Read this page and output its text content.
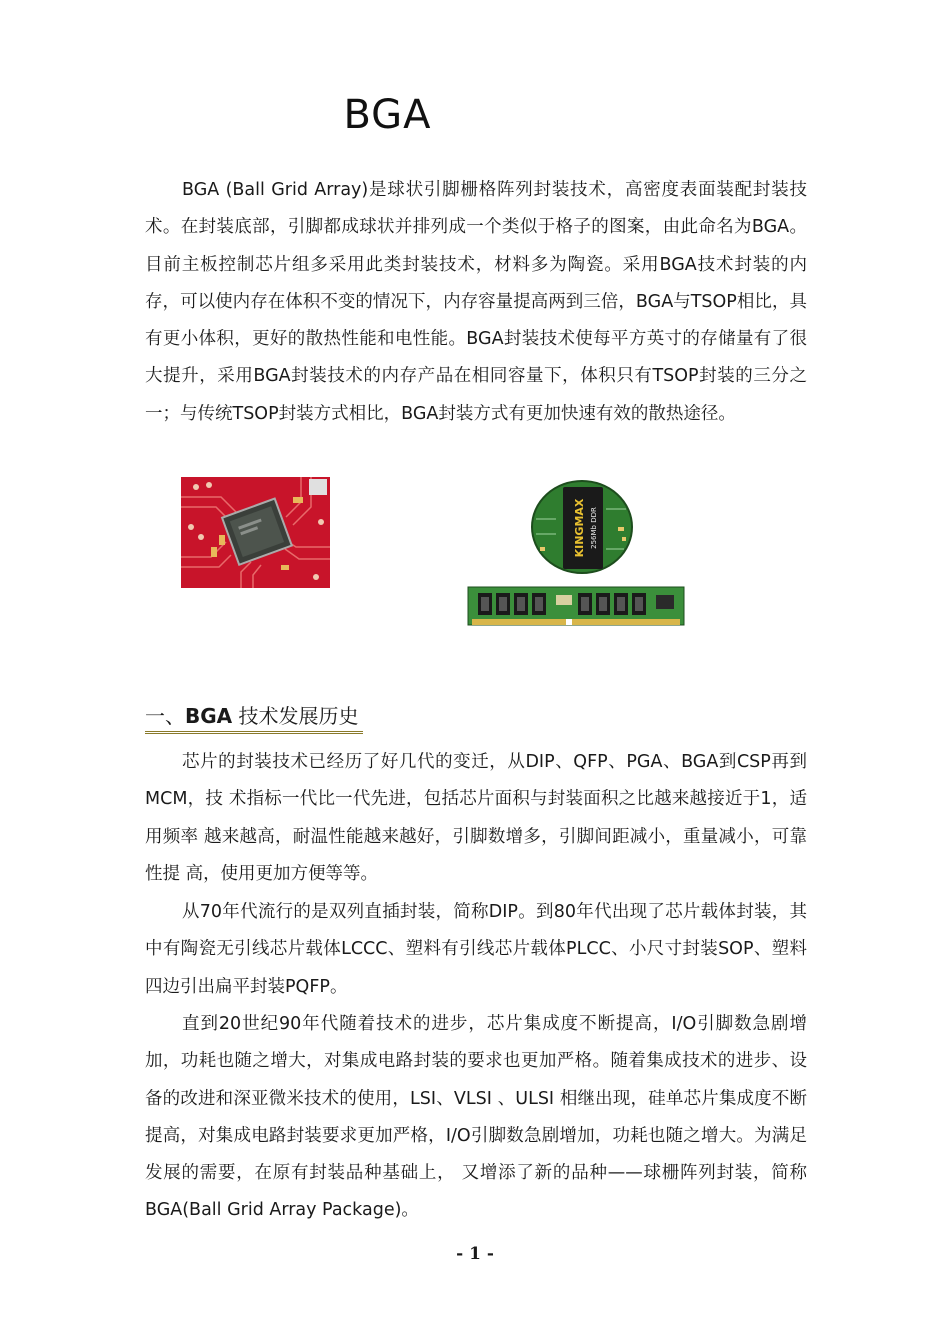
BGA

BGA (Ball Grid Array)是球状引脚栅格阵列封装技术，高密度表面装配封装技术。在封装底部，引脚都成球状并排列成一个类似于格子的图案，由此命名为BGA。目前主板控制芯片组多采用此类封装技术，材料多为陶瓷。采用BGA技术封装的内存，可以使内存在体积不变的情况下，内存容量提高两到三倍，BGA与TSOP相比，具有更小体积，更好的散热性能和电性能。BGA封装技术使每平方英寸的存储量有了很大提升，采用BGA封装技术的内存产品在相同容量下，体积只有TSOP封装的三分之一；与传统TSOP封装方式相比，BGA封装方式有更加快速有效的散热途径。

KINGMAX 256Mb DDR
一、BGA 技术发展历史

芯片的封装技术已经历了好几代的变迁，从DIP、QFP、PGA、BGA到CSP再到MCM，技 术指标一代比一代先进，包括芯片面积与封装面积之比越来越接近于1，适用频率 越来越高，耐温性能越来越好，引脚数增多，引脚间距减小，重量减小，可靠性提 高，使用更加方便等等。

从70年代流行的是双列直插封装，简称DIP。到80年代出现了芯片载体封装，其中有陶瓷无引线芯片载体LCCC、塑料有引线芯片载体PLCC、小尺寸封装SOP、塑料四边引出扁平封装PQFP。

直到20世纪90年代随着技术的进步，芯片集成度不断提高，I/O引脚数急剧增加，功耗也随之增大，对集成电路封装的要求也更加严格。随着集成技术的进步、设备的改进和深亚微米技术的使用，LSI、VLSI 、ULSI 相继出现，硅单芯片集成度不断提高，对集成电路封装要求更加严格，I/O引脚数急剧增加，功耗也随之增大。为满足发展的需要，在原有封装品种基础上， 又增添了新的品种——球栅阵列封装，简称BGA(Ball Grid Array Package)。

- 1 -
